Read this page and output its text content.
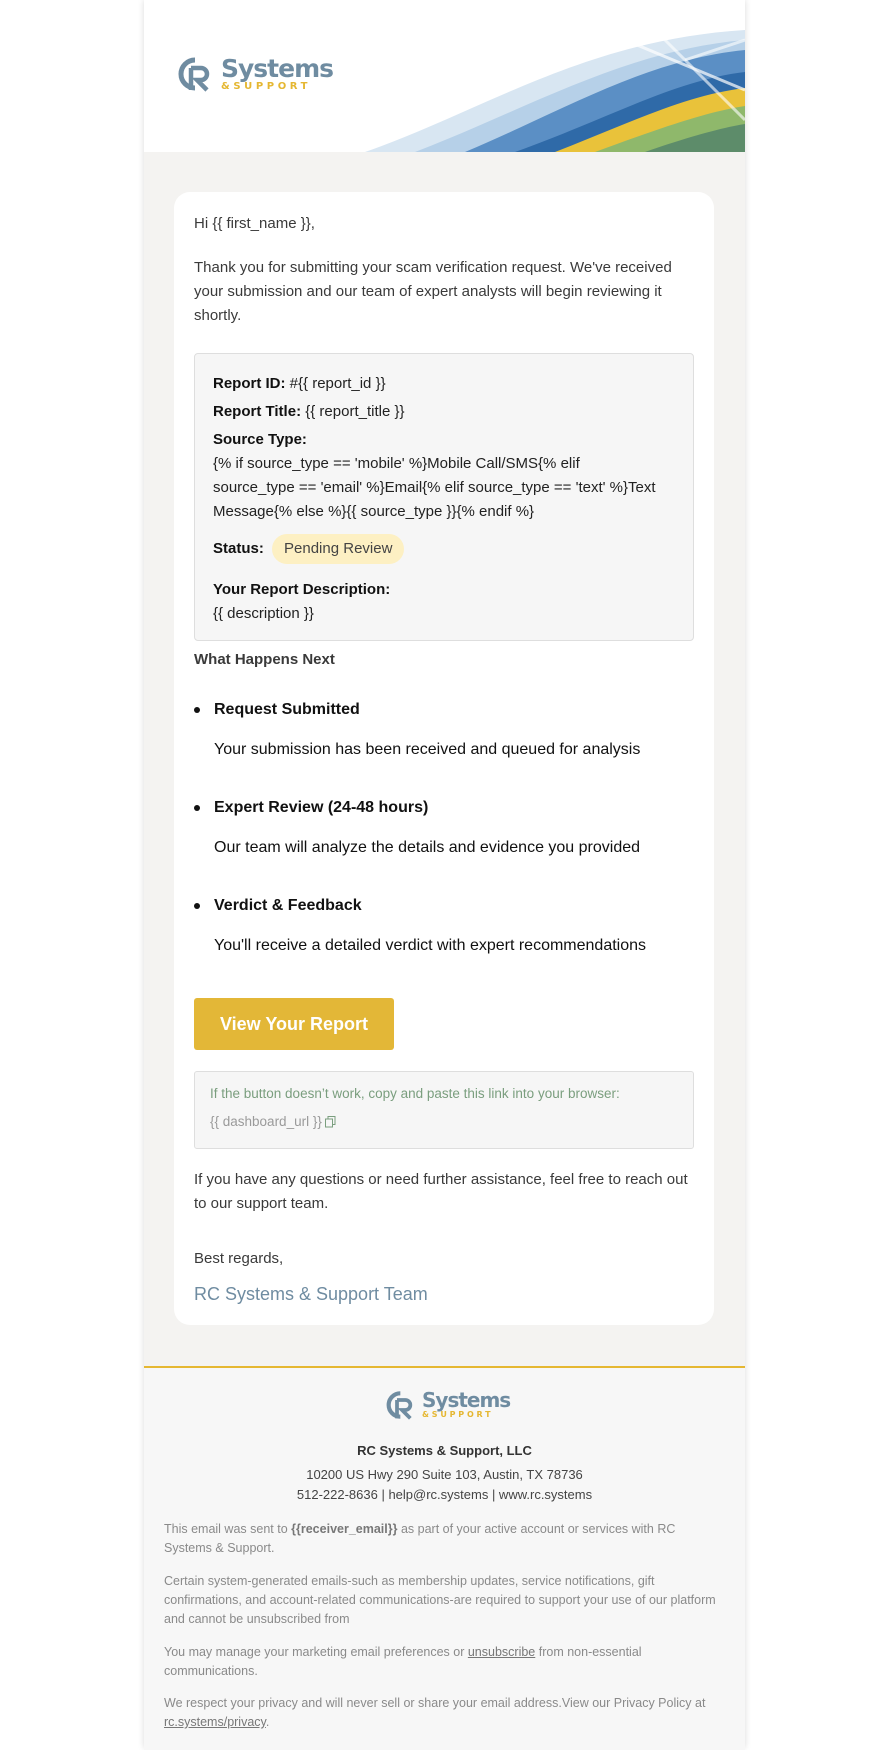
Systems
&SUPPORT
Hi {{ first_name }},
Thank you for submitting your scam verification request. We've received your submission and our team of expert analysts will begin reviewing it shortly.
Report ID: #{{ report_id }}
Report Title: {{ report_title }}
Source Type:
{% if source_type == 'mobile' %}Mobile Call/SMS{% elif
source_type == 'email' %}Email{% elif source_type == 'text' %}Text
Message{% else %}{{ source_type }}{% endif %}
Status: Pending Review
Your Report Description:
{{ description }}
What Happens Next
Request Submitted
Your submission has been received and queued for analysis
Expert Review (24-48 hours)
Our team will analyze the details and evidence you provided
Verdict & Feedback
You'll receive a detailed verdict with expert recommendations
View Your Report
If the button doesn’t work, copy and paste this link into your browser:
{{ dashboard_url }}
If you have any questions or need further assistance, feel free to reach out to our support team.
Best regards,
RC Systems & Support Team
Systems
&SUPPORT
RC Systems & Support, LLC
10200 US Hwy 290 Suite 103, Austin, TX 78736
512-222-8636 | help@rc.systems | www.rc.systems
This email was sent to {{receiver_email}} as part of your active account or services with RC Systems & Support.
Certain system-generated emails-such as membership updates, service notifications, gift confirmations, and account-related communications-are required to support your use of our platform and cannot be unsubscribed from
You may manage your marketing email preferences or unsubscribe from non-essential communications.
We respect your privacy and will never sell or share your email address.View our Privacy Policy at rc.systems/privacy.
